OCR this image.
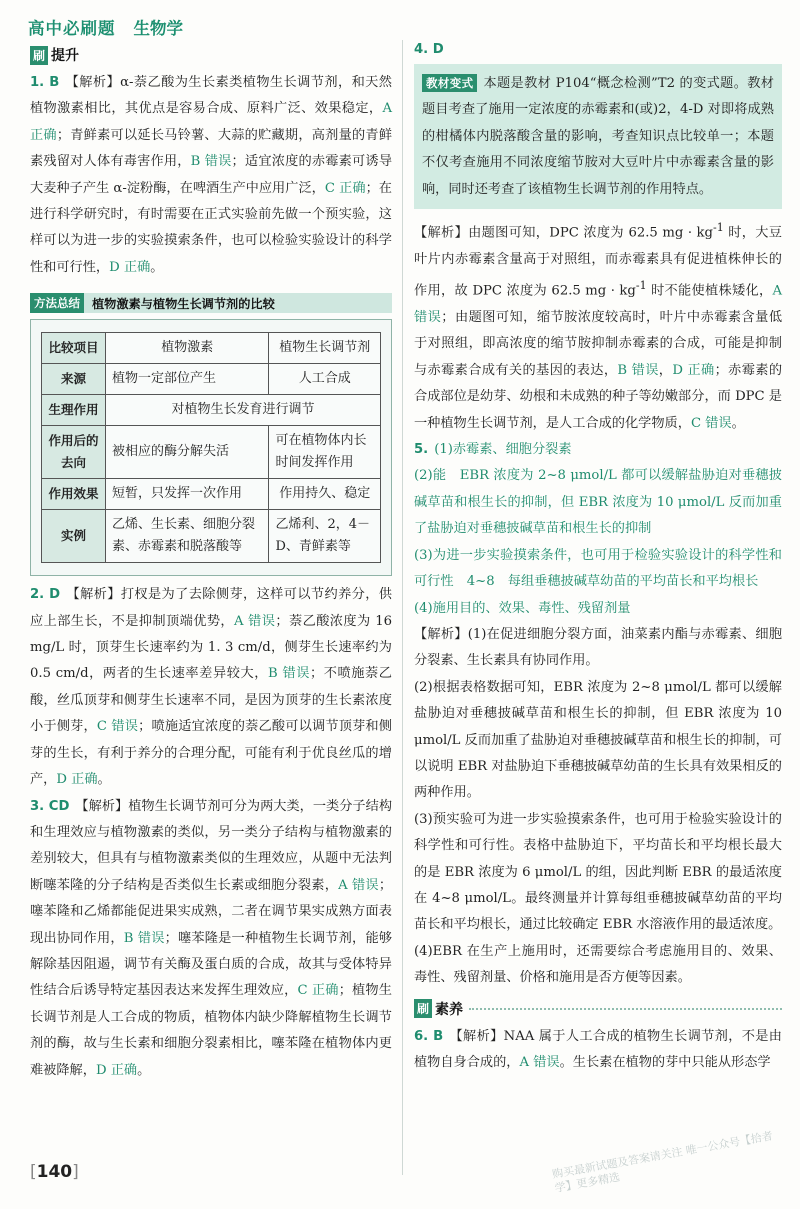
高中必刷题 生物学
刷 提升

1. B 【解析】α-萘乙酸为生长素类植物生长调节剂，和天然植物激素相比，其优点是容易合成、原料广泛、效果稳定，A 正确；青鲜素可以延长马铃薯、大蒜的贮藏期，高剂量的青鲜素残留对人体有毒害作用，B 错误；适宜浓度的赤霉素可诱导大麦种子产生 α-淀粉酶，在啤酒生产中应用广泛，C 正确；在进行科学研究时，有时需要在正式实验前先做一个预实验，这样可以为进一步的实验摸索条件，也可以检验实验设计的科学性和可行性，D 正确。

方法总结 植物激素与植物生长调节剂的比较
比较项目	植物激素	植物生长调节剂
来源	植物一定部位产生	人工合成
生理作用	对植物生长发育进行调节	
作用后的去向	被相应的酶分解失活	可在植物体内长时间发挥作用
作用效果	短暂，只发挥一次作用	作用持久、稳定
实例	乙烯、生长素、细胞分裂素、赤霉素和脱落酸等	乙烯利、2，4－D、青鲜素等

2. D 【解析】打杈是为了去除侧芽，这样可以节约养分，供应上部生长，不是抑制顶端优势，A 错误；萘乙酸浓度为 16 mg/L 时，顶芽生长速率约为 1. 3 cm/d，侧芽生长速率约为 0.5 cm/d，两者的生长速率差异较大，B 错误；不喷施萘乙酸，丝瓜顶芽和侧芽生长速率不同，是因为顶芽的生长素浓度小于侧芽，C 错误；喷施适宜浓度的萘乙酸可以调节顶芽和侧芽的生长，有利于养分的合理分配，可能有利于优良丝瓜的增产，D 正确。

3. CD 【解析】植物生长调节剂可分为两大类，一类分子结构和生理效应与植物激素的类似，另一类分子结构与植物激素的差别较大，但具有与植物激素类似的生理效应，从题中无法判断噻苯隆的分子结构是否类似生长素或细胞分裂素，A 错误；噻苯隆和乙烯都能促进果实成熟，二者在调节果实成熟方面表现出协同作用，B 错误；噻苯隆是一种植物生长调节剂，能够解除基因阻遏，调节有关酶及蛋白质的合成，故其与受体特异性结合后诱导特定基因表达来发挥生理效应，C 正确；植物生长调节剂是人工合成的物质，植物体内缺少降解植物生长调节剂的酶，故与生长素和细胞分裂素相比，噻苯隆在植物体内更难被降解，D 正确。

4. D

教材变式 本题是教材 P104“概念检测”T2 的变式题。教材题目考查了施用一定浓度的赤霉素和(或)2，4-D 对即将成熟的柑橘体内脱落酸含量的影响，考查知识点比较单一；本题不仅考查施用不同浓度缩节胺对大豆叶片中赤霉素含量的影响，同时还考查了该植物生长调节剂的作用特点。

【解析】由题图可知，DPC 浓度为 62.5 mg · $kg^{-1}$ 时，大豆叶片内赤霉素含量高于对照组，而赤霉素具有促进植株伸长的作用，故 DPC 浓度为 62.5 mg · $kg^{-1}$ 时不能使植株矮化，A 错误；由题图可知，缩节胺浓度较高时，叶片中赤霉素含量低于对照组，即高浓度的缩节胺抑制赤霉素的合成，可能是抑制与赤霉素合成有关的基因的表达，B 错误，D 正确；赤霉素的合成部位是幼芽、幼根和未成熟的种子等幼嫩部分，而 DPC 是一种植物生长调节剂，是人工合成的化学物质，C 错误。

5. (1)赤霉素、细胞分裂素

(2)能　EBR 浓度为 2~8 μmol/L 都可以缓解盐胁迫对垂穗披碱草苗和根生长的抑制，但 EBR 浓度为 10 μmol/L 反而加重了盐胁迫对垂穗披碱草苗和根生长的抑制

(3)为进一步实验摸索条件，也可用于检验实验设计的科学性和可行性　4~8　每组垂穗披碱草幼苗的平均苗长和平均根长

(4)施用目的、效果、毒性、残留剂量

【解析】(1)在促进细胞分裂方面，油菜素内酯与赤霉素、细胞分裂素、生长素具有协同作用。

(2)根据表格数据可知，EBR 浓度为 2~8 μmol/L 都可以缓解盐胁迫对垂穗披碱草苗和根生长的抑制，但 EBR 浓度为 10 μmol/L 反而加重了盐胁迫对垂穗披碱草苗和根生长的抑制，可以说明 EBR 对盐胁迫下垂穗披碱草幼苗的生长具有效果相反的两种作用。

(3)预实验可为进一步实验摸索条件，也可用于检验实验设计的科学性和可行性。表格中盐胁迫下，平均苗长和平均根长最大的是 EBR 浓度为 6 μmol/L 的组，因此判断 EBR 的最适浓度在 4~8 μmol/L。最终测量并计算每组垂穗披碱草幼苗的平均苗长和平均根长，通过比较确定 EBR 水溶液作用的最适浓度。

(4)EBR 在生产上施用时，还需要综合考虑施用目的、效果、毒性、残留剂量、价格和施用是否方便等因素。

刷 素养

6. B 【解析】NAA 属于人工合成的植物生长调节剂，不是由植物自身合成的，A 错误。生长素在植物的芽中只能从形态学

[140]	购买最新试题及答案请关注 唯一公众号【拾者学】更多精选
